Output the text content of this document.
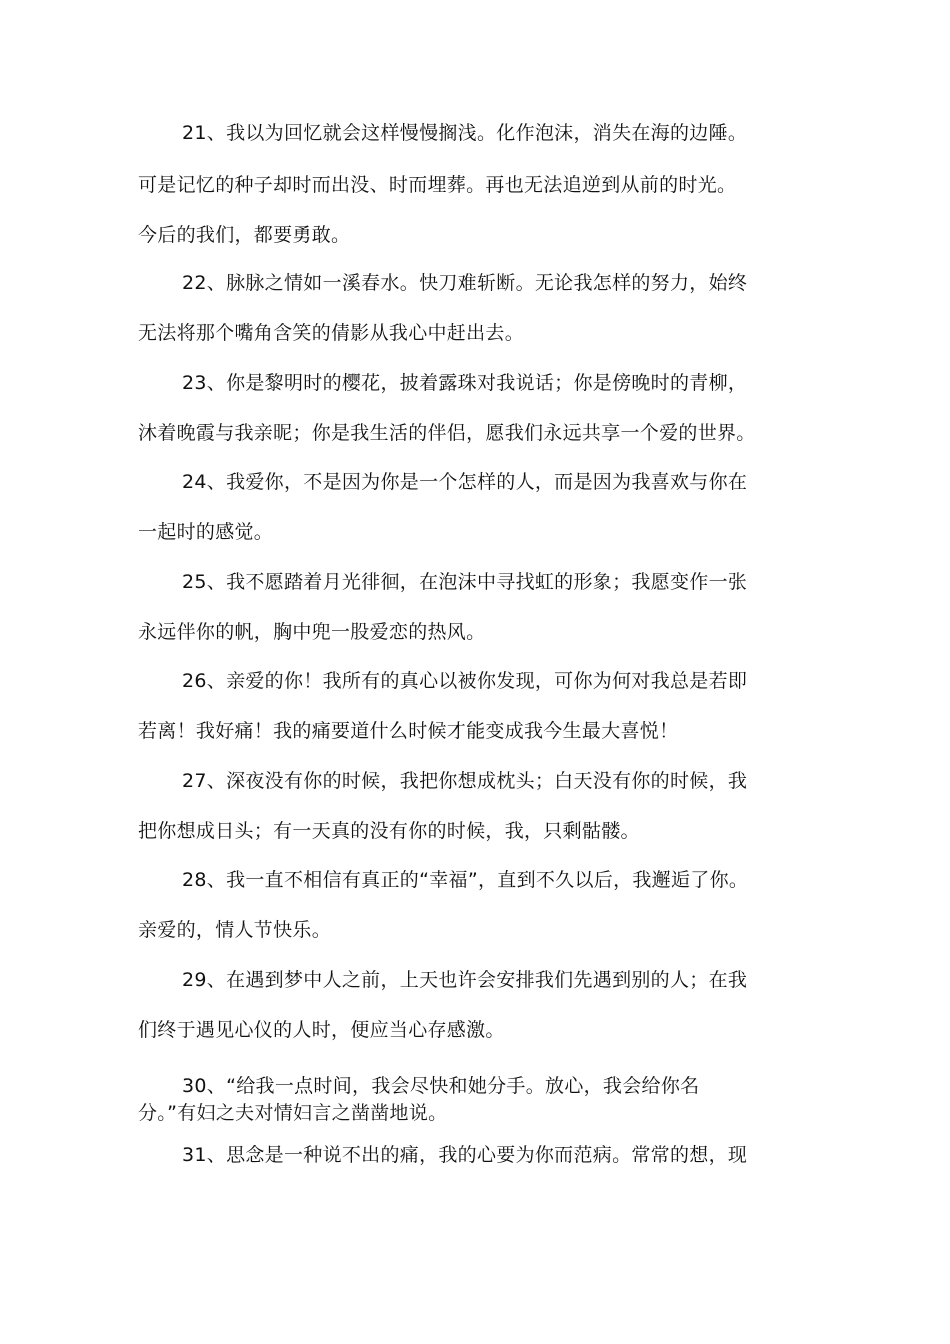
21、我以为回忆就会这样慢慢搁浅。化作泡沫，消失在海的边陲。
可是记忆的种子却时而出没、时而埋葬。再也无法追逆到从前的时光。
今后的我们，都要勇敢。
22、脉脉之情如一溪春水。快刀难斩断。无论我怎样的努力，始终
无法将那个嘴角含笑的倩影从我心中赶出去。
23、你是黎明时的樱花，披着露珠对我说话；你是傍晚时的青柳，
沐着晚霞与我亲昵；你是我生活的伴侣，愿我们永远共享一个爱的世界。
24、我爱你，不是因为你是一个怎样的人，而是因为我喜欢与你在
一起时的感觉。
25、我不愿踏着月光徘徊，在泡沫中寻找虹的形象；我愿变作一张
永远伴你的帆，胸中兜一股爱恋的热风。
26、亲爱的你！我所有的真心以被你发现，可你为何对我总是若即
若离！我好痛！我的痛要道什么时候才能变成我今生最大喜悦！
27、深夜没有你的时候，我把你想成枕头；白天没有你的时候，我
把你想成日头；有一天真的没有你的时候，我，只剩骷髅。
28、我一直不相信有真正的“幸福”，直到不久以后，我邂逅了你。
亲爱的，情人节快乐。
29、在遇到梦中人之前，上天也许会安排我们先遇到别的人；在我
们终于遇见心仪的人时，便应当心存感激。
30、“给我一点时间，我会尽快和她分手。放心，我会给你名
分。”有妇之夫对情妇言之凿凿地说。
31、思念是一种说不出的痛，我的心要为你而范病。常常的想，现
